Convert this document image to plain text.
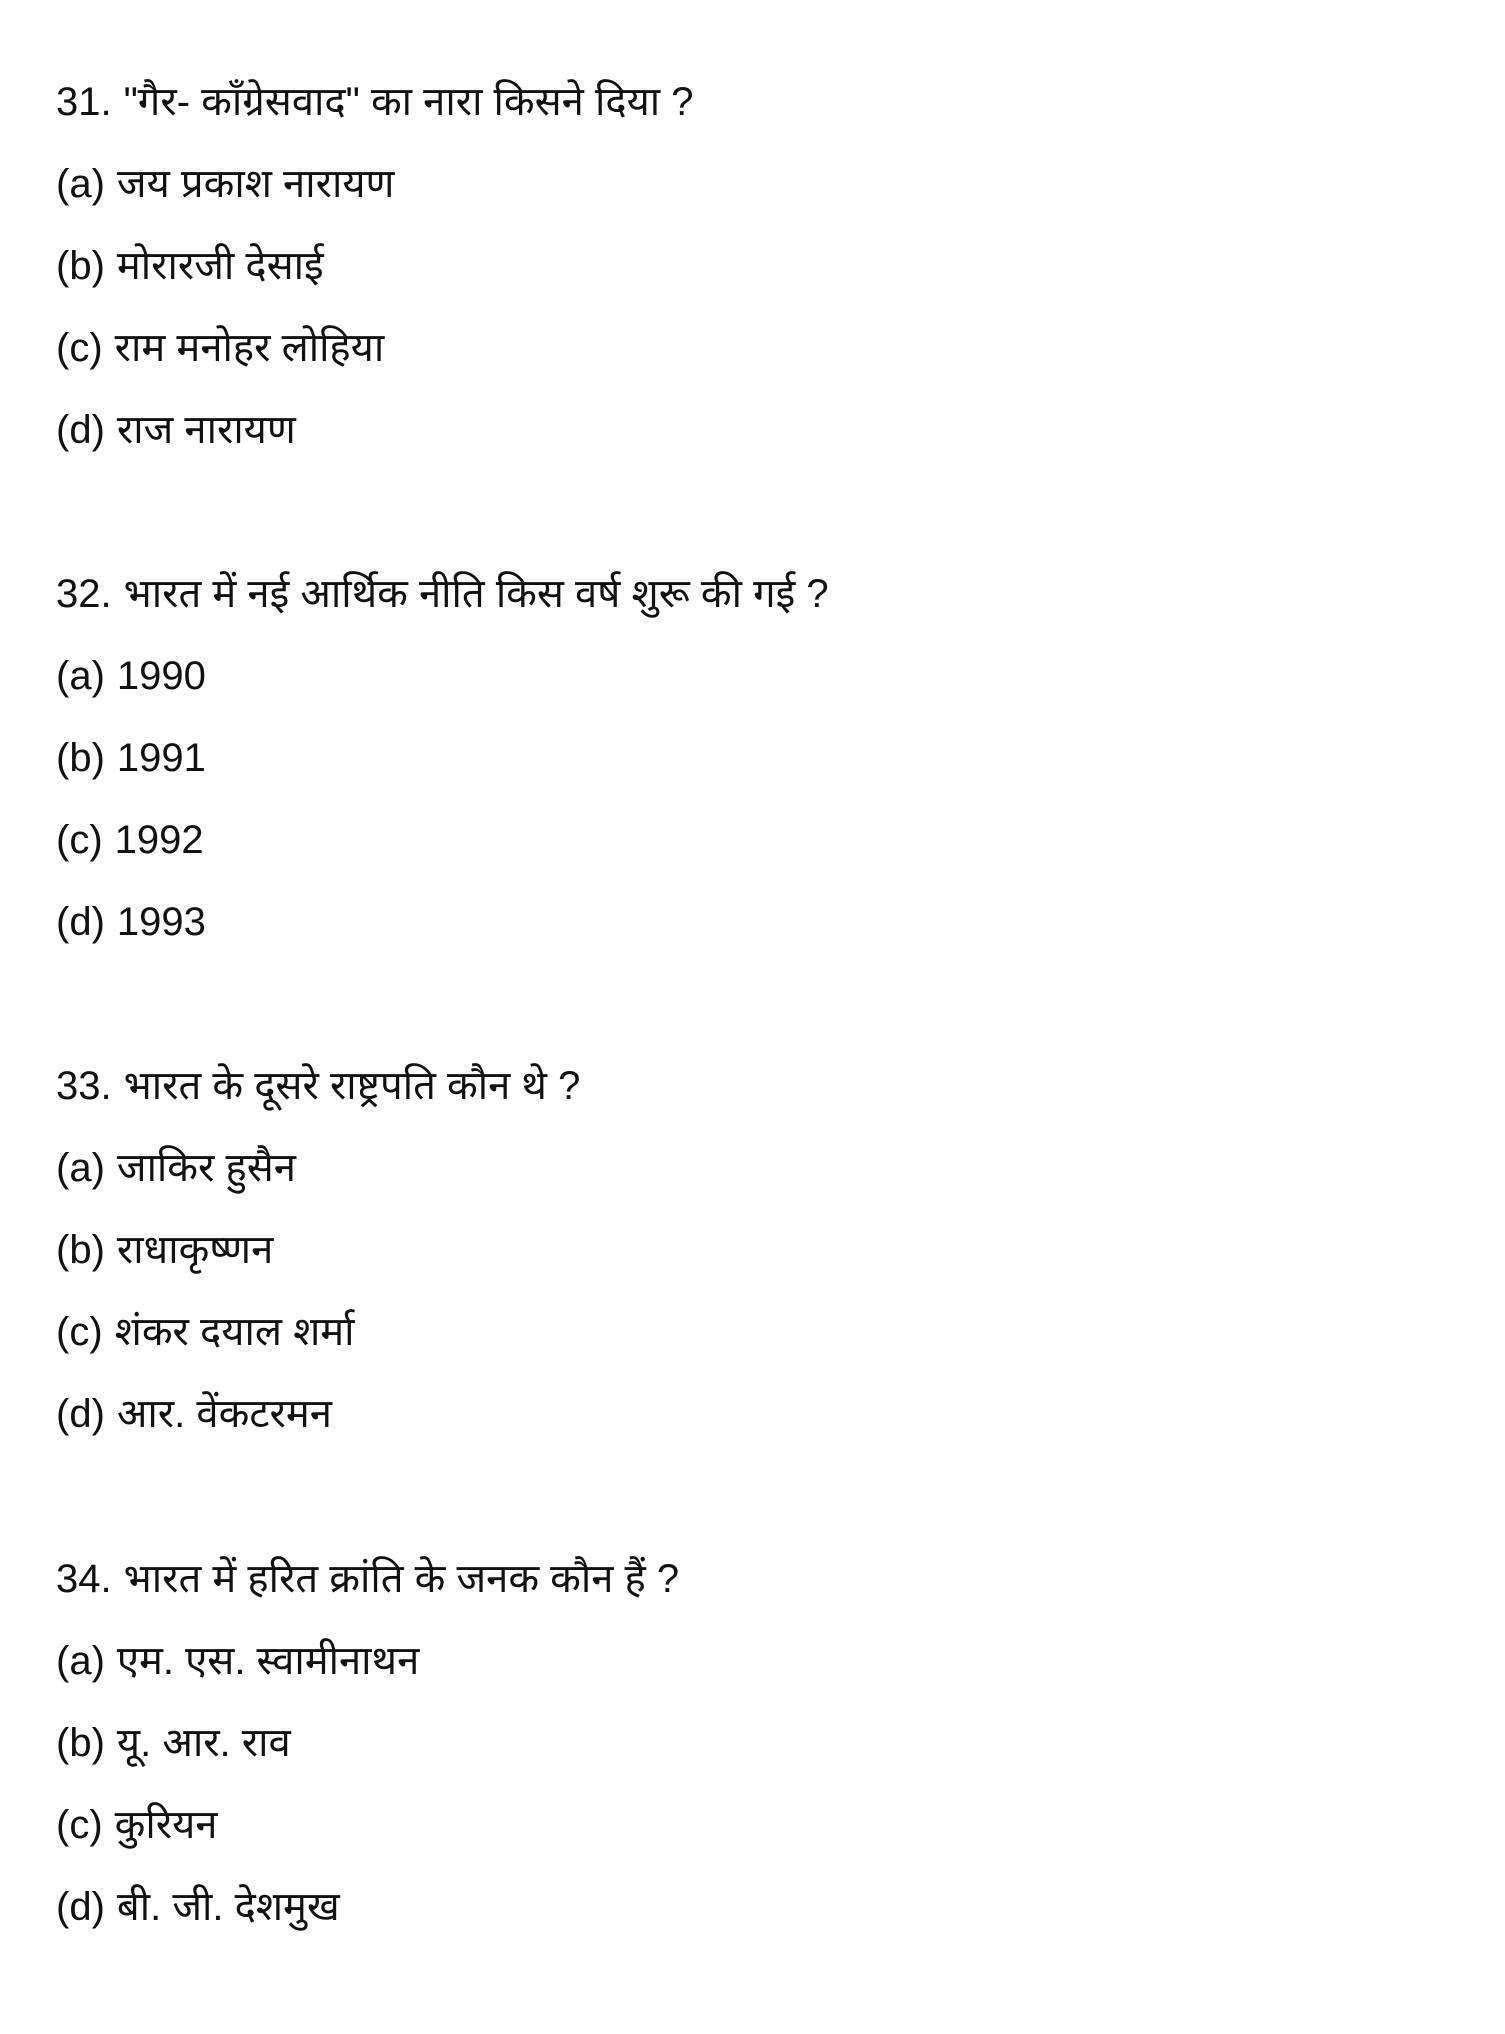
31. "गैर- काँग्रेसवाद" का नारा किसने दिया ?
(a) जय प्रकाश नारायण
(b) मोरारजी देसाई
(c) राम मनोहर लोहिया
(d) राज नारायण
32. भारत में नई आर्थिक नीति किस वर्ष शुरू की गई ?
(a) 1990
(b) 1991
(c) 1992
(d) 1993
33. भारत के दूसरे राष्ट्रपति कौन थे ?
(a) जाकिर हुसैन
(b) राधाकृष्णन
(c) शंकर दयाल शर्मा
(d) आर. वेंकटरमन
34. भारत में हरित क्रांति के जनक कौन हैं ?
(a) एम. एस. स्वामीनाथन
(b) यू. आर. राव
(c) कुरियन
(d) बी. जी. देशमुख
